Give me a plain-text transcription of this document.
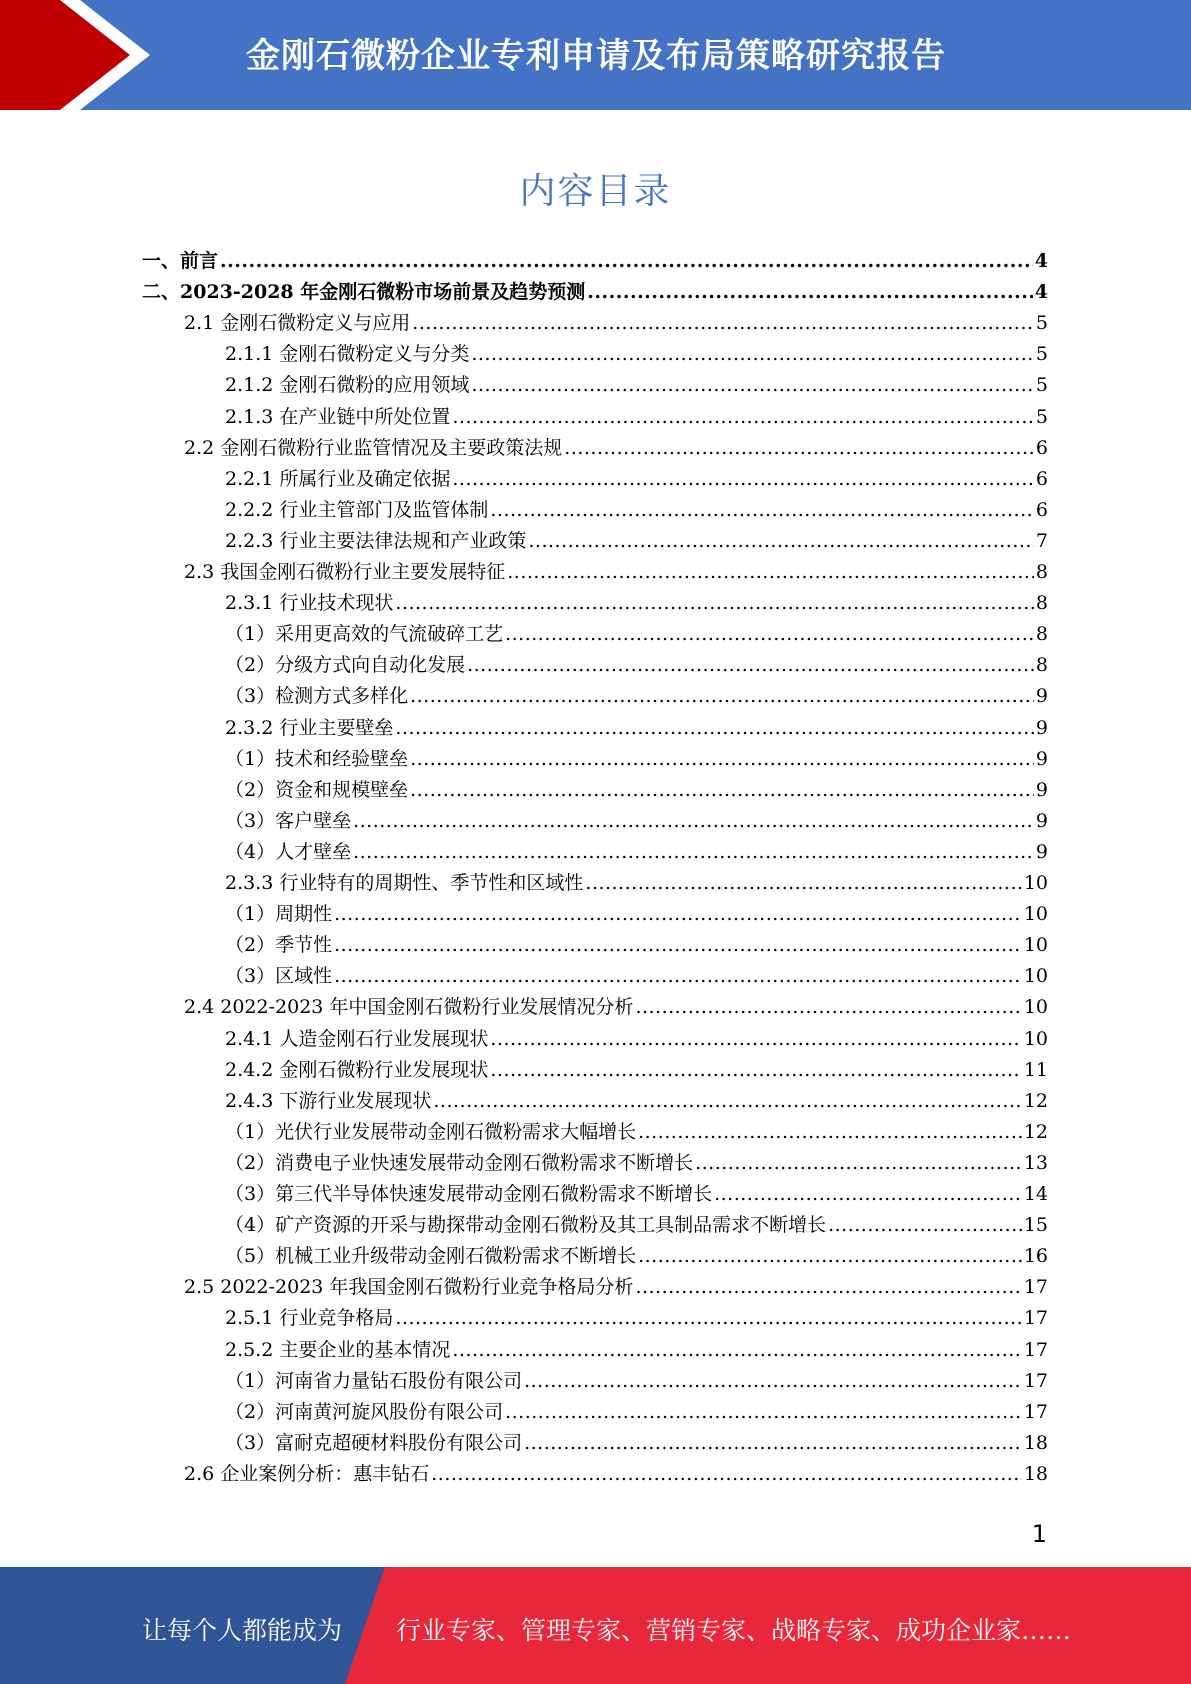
金刚石微粉企业专利申请及布局策略研究报告
内容目录
一、前言 .....	4
二、2023-2028 年金刚石微粉市场前景及趋势预测 .....	4
2.1 金刚石微粉定义与应用 .....	5
2.1.1 金刚石微粉定义与分类 .....	5
2.1.2 金刚石微粉的应用领域 .....	5
2.1.3 在产业链中所处位置 .....	5
2.2 金刚石微粉行业监管情况及主要政策法规 .....	6
2.2.1 所属行业及确定依据 .....	6
2.2.2 行业主管部门及监管体制 .....	6
2.2.3 行业主要法律法规和产业政策 .....	7
2.3 我国金刚石微粉行业主要发展特征 .....	8
2.3.1 行业技术现状 .....	8
（1）采用更高效的气流破碎工艺 .....	8
（2）分级方式向自动化发展 .....	8
（3）检测方式多样化 .....	9
2.3.2 行业主要壁垒 .....	9
（1）技术和经验壁垒 .....	9
（2）资金和规模壁垒 .....	9
（3）客户壁垒 .....	9
（4）人才壁垒 .....	9
2.3.3 行业特有的周期性、季节性和区域性 .....	10
（1）周期性 .....	10
（2）季节性 .....	10
（3）区域性 .....	10
2.4 2022-2023 年中国金刚石微粉行业发展情况分析 .....	10
2.4.1 人造金刚石行业发展现状 .....	10
2.4.2 金刚石微粉行业发展现状 .....	11
2.4.3 下游行业发展现状 .....	12
（1）光伏行业发展带动金刚石微粉需求大幅增长 .....	12
（2）消费电子业快速发展带动金刚石微粉需求不断增长 .....	13
（3）第三代半导体快速发展带动金刚石微粉需求不断增长 .....	14
（4）矿产资源的开采与勘探带动金刚石微粉及其工具制品需求不断增长 .....	15
（5）机械工业升级带动金刚石微粉需求不断增长 .....	16
2.5 2022-2023 年我国金刚石微粉行业竞争格局分析 .....	17
2.5.1 行业竞争格局 .....	17
2.5.2 主要企业的基本情况 .....	17
（1）河南省力量钻石股份有限公司 .....	17
（2）河南黄河旋风股份有限公司 .....	17
（3）富耐克超硬材料股份有限公司 .....	18
2.6 企业案例分析：惠丰钻石 .....	18
1
让每个人都能成为 行业专家、管理专家、营销专家、战略专家、成功企业家……
